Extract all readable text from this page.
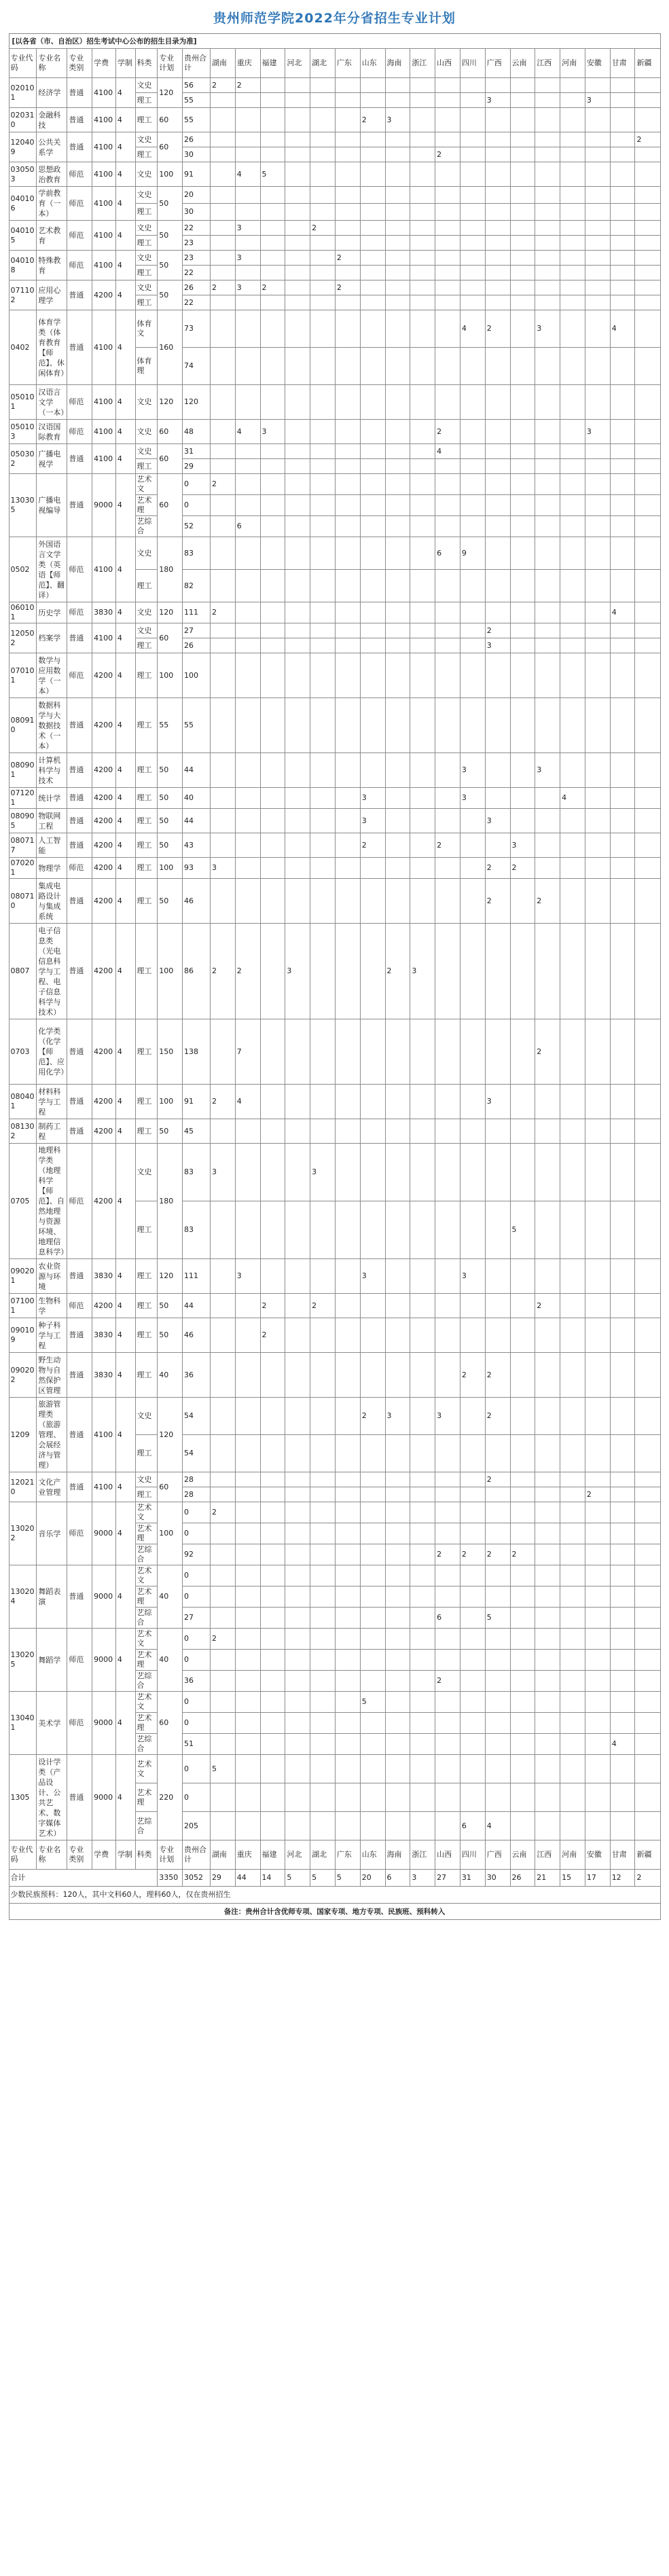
贵州师范学院2022年分省招生专业计划
[以各省（市、自治区）招生考试中心公布的招生目录为准]
专业代码	专业名称	专业类别	学费	学制	科类	专业计划	贵州合计	湖南	重庆	福建	河北	湖北	广东	山东	海南	浙江	山西	四川	广西	云南	江西	河南	安徽	甘肃	新疆
020101	经济学	普通	4100	4	文史	120	56	2	2																
					理工		55												3				3		
020310	金融科技	普通	4100	4	理工	60	55							2	3										
120409	公共关系学	普通	4100	4	文史	60	26																		2
					理工		30										2								
030503	思想政治教育	师范	4100	4	文史	100	91		4	5															
040106	学前教育（一本）	师范	4100	4	文史	50	20																		
					理工		30																		
040105	艺术教育	师范	4100	4	文史	50	22		3			2													
					理工		23																		
040108	特殊教育	师范	4100	4	文史	50	23		3				2												
					理工		22																		
071102	应用心理学	普通	4200	4	文史	50	26	2	3	2			2												
					理工		22																		
0402	体育学类（体育教育【师范】、休闲体育）	普通	4100	4	体育文	160	73											4	2		3			4	
					体育理		74																		
050101	汉语言文学（一本）	师范	4100	4	文史	120	120																		
050103	汉语国际教育	师范	4100	4	文史	60	48		4	3							2						3		
050302	广播电视学	普通	4100	4	文史	60	31										4								
					理工		29																		
130305	广播电视编导	普通	9000	4	艺术文	60	0	2																	
					艺术理		0																		
					艺综合		52		6																
0502	外国语言文学类（英语【师范】、翻译）	师范	4100	4	文史	180	83										6	9							
					理工		82																		
060101	历史学	师范	3830	4	文史	120	111	2																4	
120502	档案学	普通	4100	4	文史	60	27												2						
					理工		26												3						
070101	数学与应用数学（一本）	师范	4200	4	理工	100	100																		
080910	数据科学与大数据技术（一本）	普通	4200	4	理工	55	55																		
080901	计算机科学与技术	普通	4200	4	理工	50	44											3			3				
071201	统计学	普通	4200	4	理工	50	40							3				3				4			
080905	物联网工程	普通	4200	4	理工	50	44							3					3						
080717	人工智能	普通	4200	4	理工	50	43							2			2			3					
070201	物理学	师范	4200	4	理工	100	93	3											2	2					
080710	集成电路设计与集成系统	普通	4200	4	理工	50	46												2		2				
0807	电子信息类（光电信息科学与工程、电子信息科学与技术）	普通	4200	4	理工	100	86	2	2		3				2	3									
0703	化学类（化学【师范】、应用化学）	普通	4200	4	理工	150	138		7												2				
080401	材料科学与工程	普通	4200	4	理工	100	91	2	4										3						
081302	制药工程	普通	4200	4	理工	50	45																		
0705	地理科学类（地理科学【师范】、自然地理与资源环境、地理信息科学）	师范	4200	4	文史	180	83	3				3													
					理工		83													5					
090201	农业资源与环境	普通	3830	4	理工	120	111		3					3				3							
071001	生物科学	师范	4200	4	理工	50	44			2		2									2				
090109	种子科学与工程	普通	3830	4	理工	50	46			2															
090202	野生动物与自然保护区管理	普通	3830	4	理工	40	36											2	2						
1209	旅游管理类（旅游管理、会展经济与管理）	普通	4100	4	文史	120	54							2	3		3		2						
					理工		54																		
120210	文化产业管理	普通	4100	4	文史	60	28												2						
					理工		28																2		
130202	音乐学	师范	9000	4	艺术文	100	0	2																	
					艺术理		0																		
					艺综合		92										2	2	2	2					
130204	舞蹈表演	普通	9000	4	艺术文	40	0																		
					艺术理		0																		
					艺综合		27										6		5						
130205	舞蹈学	师范	9000	4	艺术文	40	0	2																	
					艺术理		0																		
					艺综合		36										2								
130401	美术学	师范	9000	4	艺术文	60	0							5											
					艺术理		0																		
					艺综合		51																	4	
1305	设计学类（产品设计、公共艺术、数字媒体艺术）	普通	9000	4	艺术文	220	0	5																	
					艺术理		0																		
					艺综合		205											6	4						
专业代码	专业名称	专业类别	学费	学制	科类	专业计划	贵州合计	湖南	重庆	福建	河北	湖北	广东	山东	海南	浙江	山西	四川	广西	云南	江西	河南	安徽	甘肃	新疆
合计						3350	3052	29	44	14	5	5	5	20	6	3	27	31	30	26	21	15	17	12	2
少数民族预科：120人，其中文科60人，理科60人，仅在贵州招生																									
备注：贵州合计含优师专项、国家专项、地方专项、民族班、预科转入
